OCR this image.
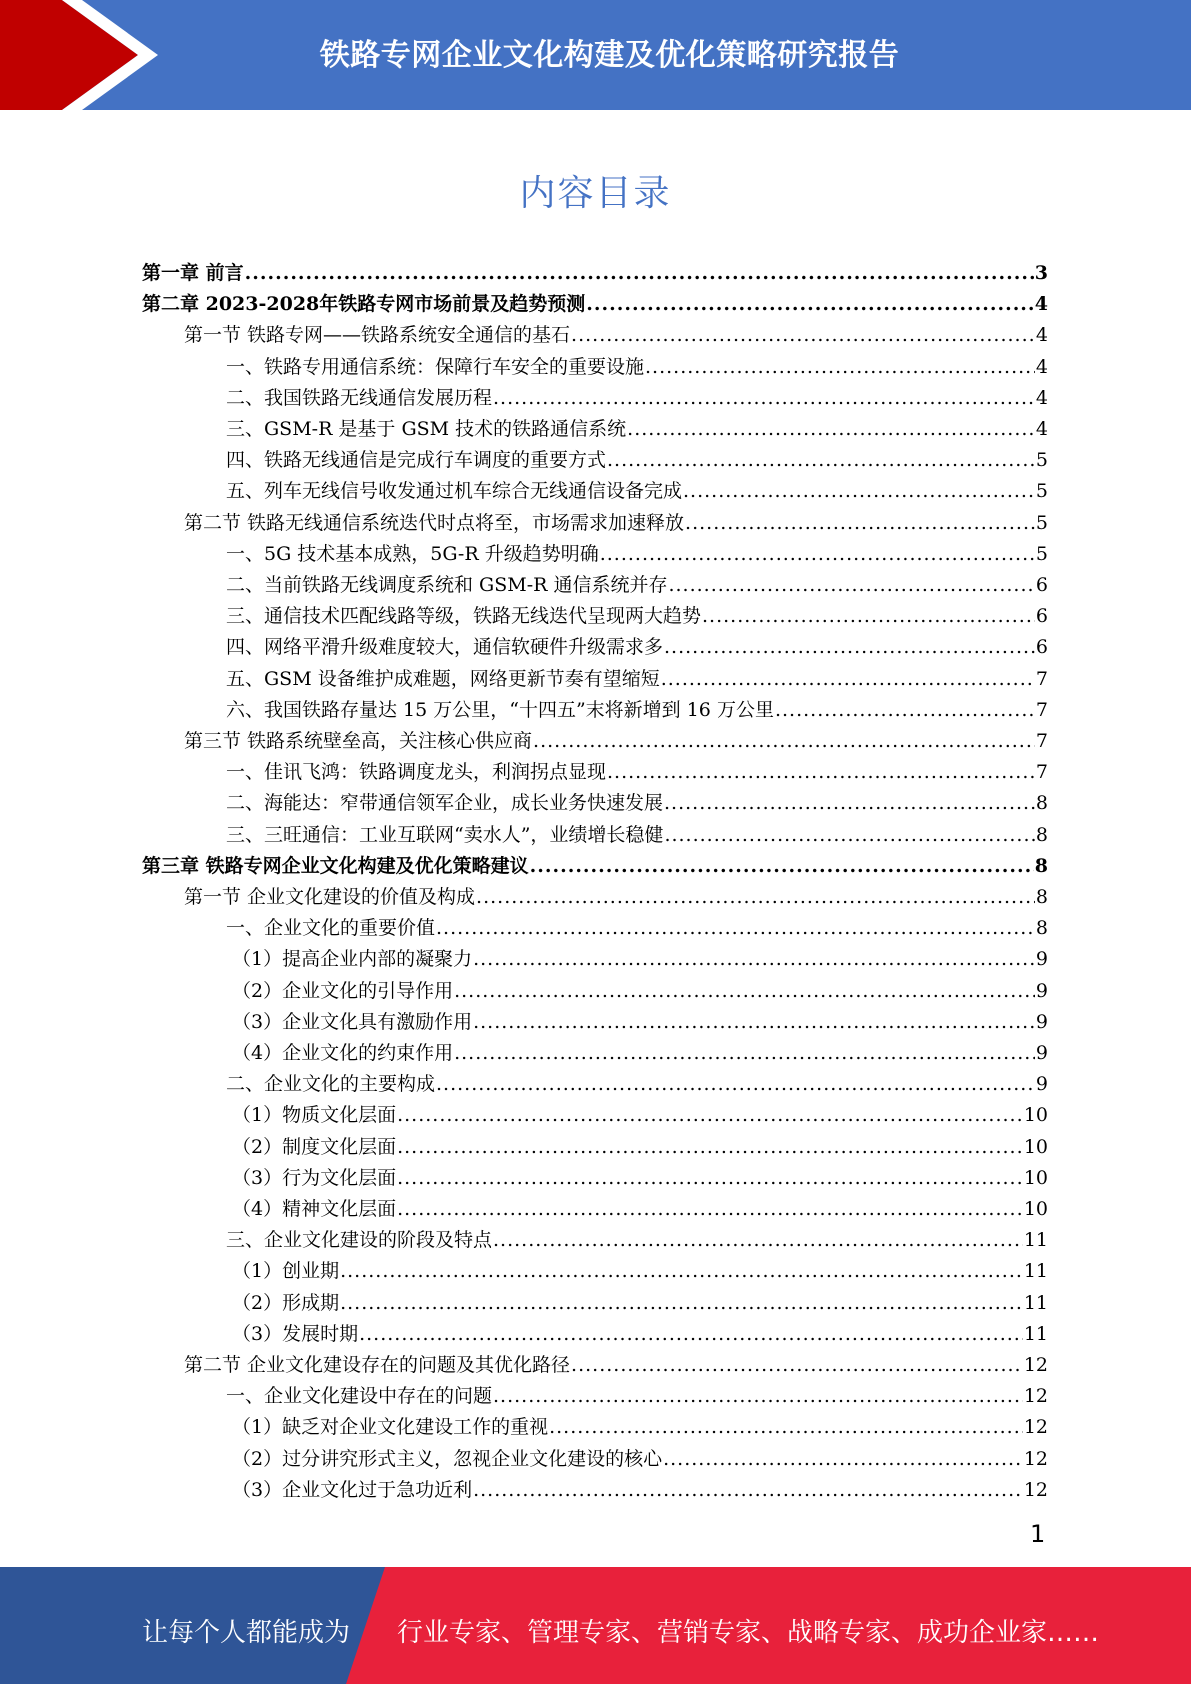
铁路专网企业文化构建及优化策略研究报告
内容目录
第一章 前言 .....	3
第二章 2023-2028年铁路专网市场前景及趋势预测 .....	4
第一节 铁路专网——铁路系统安全通信的基石 .....	4
一、铁路专用通信系统：保障行车安全的重要设施 .....	4
二、我国铁路无线通信发展历程 .....	4
三、GSM-R 是基于 GSM 技术的铁路通信系统 .....	4
四、铁路无线通信是完成行车调度的重要方式 .....	5
五、列车无线信号收发通过机车综合无线通信设备完成 .....	5
第二节 铁路无线通信系统迭代时点将至，市场需求加速释放 .....	5
一、5G 技术基本成熟，5G-R 升级趋势明确 .....	5
二、当前铁路无线调度系统和 GSM-R 通信系统并存 .....	6
三、通信技术匹配线路等级，铁路无线迭代呈现两大趋势 .....	6
四、网络平滑升级难度较大，通信软硬件升级需求多 .....	6
五、GSM 设备维护成难题，网络更新节奏有望缩短 .....	7
六、我国铁路存量达 15 万公里，“十四五”末将新增到 16 万公里 .....	7
第三节 铁路系统壁垒高，关注核心供应商 .....	7
一、佳讯飞鸿：铁路调度龙头，利润拐点显现 .....	7
二、海能达：窄带通信领军企业，成长业务快速发展 .....	8
三、三旺通信：工业互联网“卖水人”，业绩增长稳健 .....	8
第三章 铁路专网企业文化构建及优化策略建议 .....	8
第一节 企业文化建设的价值及构成 .....	8
一、企业文化的重要价值 .....	8
（1）提高企业内部的凝聚力 .....	9
（2）企业文化的引导作用 .....	9
（3）企业文化具有激励作用 .....	9
（4）企业文化的约束作用 .....	9
二、企业文化的主要构成 .....	9
（1）物质文化层面 .....	10
（2）制度文化层面 .....	10
（3）行为文化层面 .....	10
（4）精神文化层面 .....	10
三、企业文化建设的阶段及特点 .....	11
（1）创业期 .....	11
（2）形成期 .....	11
（3）发展时期 .....	11
第二节 企业文化建设存在的问题及其优化路径 .....	12
一、企业文化建设中存在的问题 .....	12
（1）缺乏对企业文化建设工作的重视 .....	12
（2）过分讲究形式主义，忽视企业文化建设的核心 .....	12
（3）企业文化过于急功近利 .....	12
1
让每个人都能成为 行业专家、管理专家、营销专家、战略专家、成功企业家……
